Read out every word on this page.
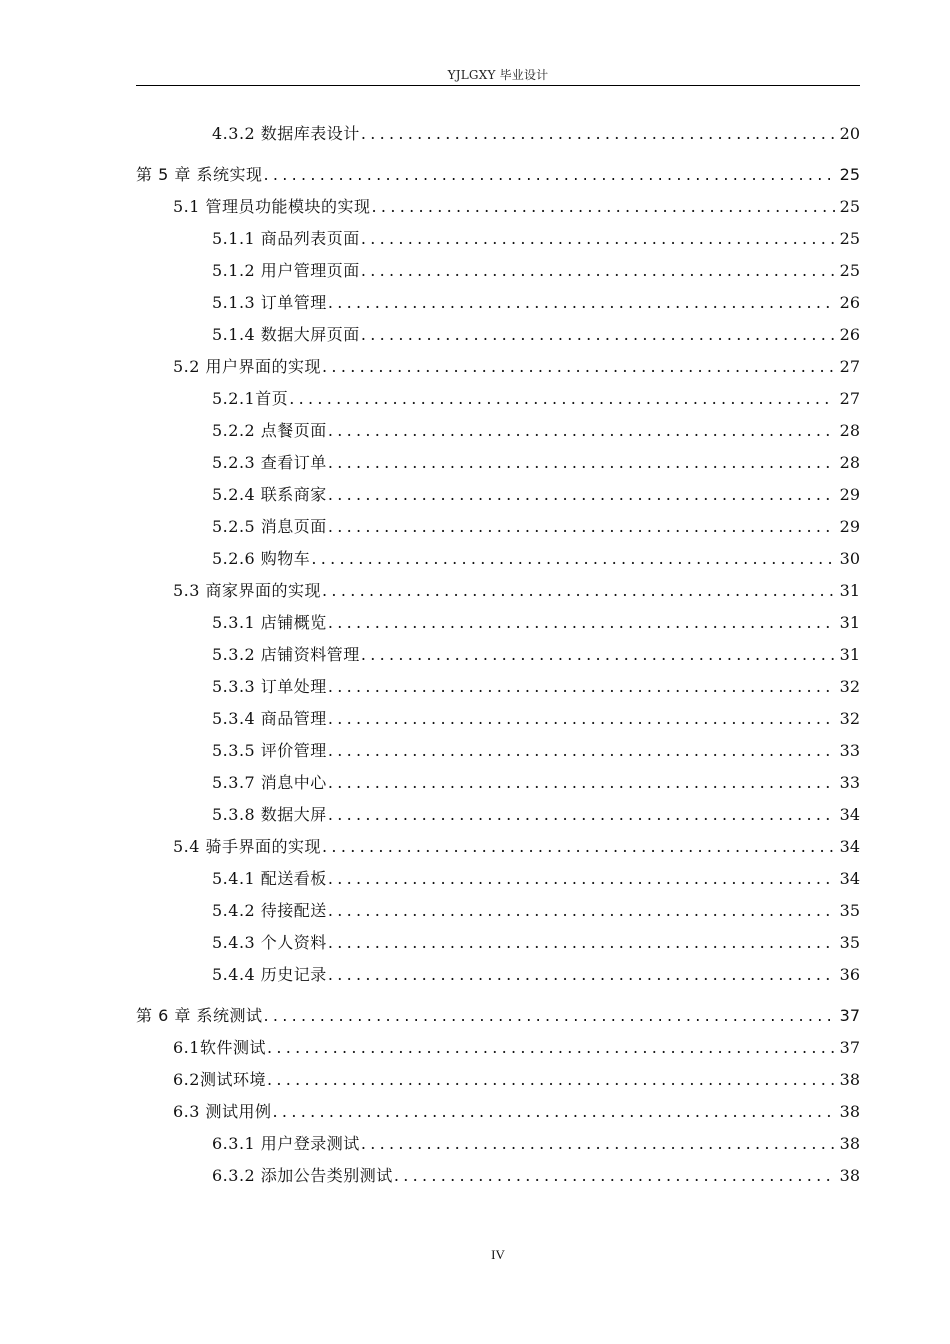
YJLGXY 毕业设计
4.3.2 数据库表设计 .....	20
第 5 章 系统实现 .....	25
5.1 管理员功能模块的实现 .....	25
5.1.1 商品列表页面 .....	25
5.1.2 用户管理页面 .....	25
5.1.3 订单管理 .....	26
5.1.4 数据大屏页面 .....	26
5.2 用户界面的实现 .....	27
5.2.1首页 .....	27
5.2.2 点餐页面 .....	28
5.2.3 查看订单 .....	28
5.2.4 联系商家 .....	29
5.2.5 消息页面 .....	29
5.2.6 购物车 .....	30
5.3 商家界面的实现 .....	31
5.3.1 店铺概览 .....	31
5.3.2 店铺资料管理 .....	31
5.3.3 订单处理 .....	32
5.3.4 商品管理 .....	32
5.3.5 评价管理 .....	33
5.3.7 消息中心 .....	33
5.3.8 数据大屏 .....	34
5.4 骑手界面的实现 .....	34
5.4.1 配送看板 .....	34
5.4.2 待接配送 .....	35
5.4.3 个人资料 .....	35
5.4.4 历史记录 .....	36
第 6 章 系统测试 .....	37
6.1软件测试 .....	37
6.2测试环境 .....	38
6.3 测试用例 .....	38
6.3.1 用户登录测试 .....	38
6.3.2 添加公告类别测试 .....	38
IV
